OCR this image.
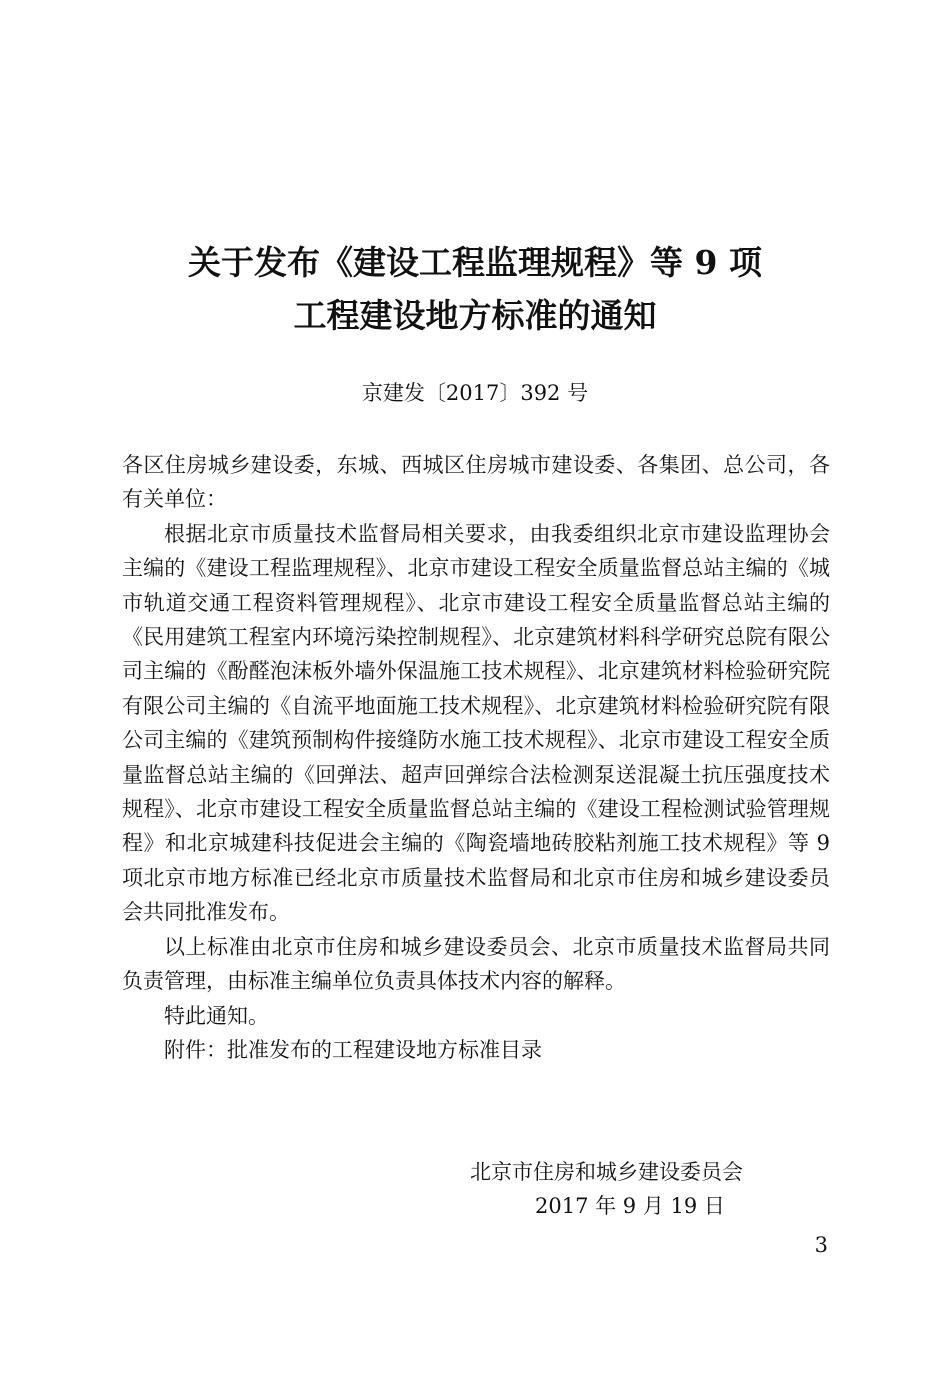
关于发布《建设工程监理规程》等 9 项
工程建设地方标准的通知
京建发〔2017〕392 号

各区住房城乡建设委，东城、西城区住房城市建设委、各集团、总公司，各有关单位：

根据北京市质量技术监督局相关要求，由我委组织北京市建设监理协会主编的《建设工程监理规程》、北京市建设工程安全质量监督总站主编的《城市轨道交通工程资料管理规程》、北京市建设工程安全质量监督总站主编的《民用建筑工程室内环境污染控制规程》、北京建筑材料科学研究总院有限公司主编的《酚醛泡沫板外墙外保温施工技术规程》、北京建筑材料检验研究院有限公司主编的《自流平地面施工技术规程》、北京建筑材料检验研究院有限公司主编的《建筑预制构件接缝防水施工技术规程》、北京市建设工程安全质量监督总站主编的《回弹法、超声回弹综合法检测泵送混凝土抗压强度技术规程》、北京市建设工程安全质量监督总站主编的《建设工程检测试验管理规程》和北京城建科技促进会主编的《陶瓷墙地砖胶粘剂施工技术规程》等 9 项北京市地方标准已经北京市质量技术监督局和北京市住房和城乡建设委员会共同批准发布。

以上标准由北京市住房和城乡建设委员会、北京市质量技术监督局共同负责管理，由标准主编单位负责具体技术内容的解释。

特此通知。

附件：批准发布的工程建设地方标准目录

北京市住房和城乡建设委员会
2017 年 9 月 19 日
3
